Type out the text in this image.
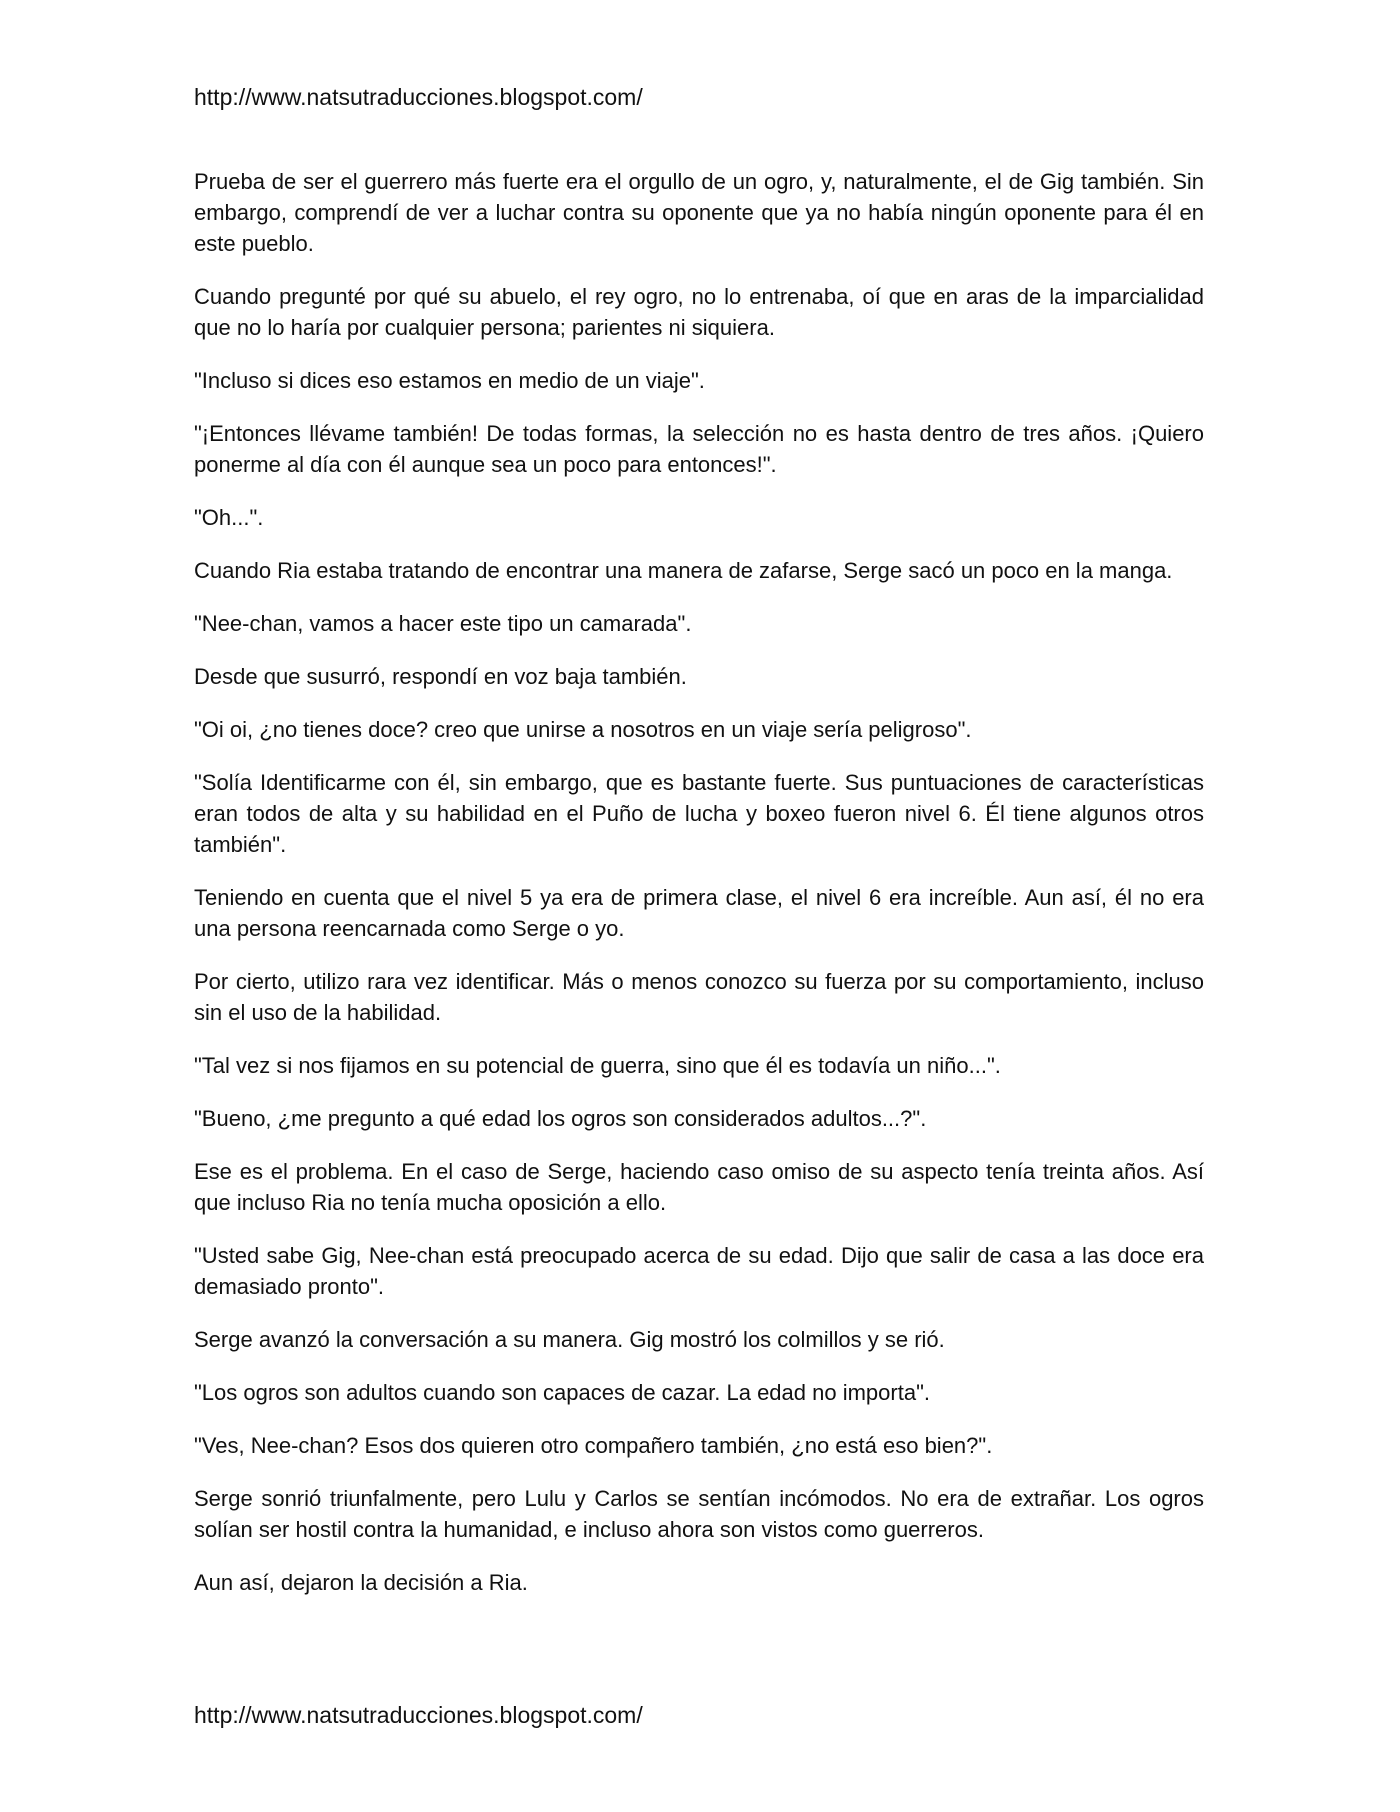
http://www.natsutraducciones.blogspot.com/

Prueba de ser el guerrero más fuerte era el orgullo de un ogro, y, naturalmente, el de Gig también. Sin embargo, comprendí de ver a luchar contra su oponente que ya no había ningún oponente para él en este pueblo.

Cuando pregunté por qué su abuelo, el rey ogro, no lo entrenaba, oí que en aras de la imparcialidad que no lo haría por cualquier persona; parientes ni siquiera.

"Incluso si dices eso estamos en medio de un viaje".

"¡Entonces llévame también! De todas formas, la selección no es hasta dentro de tres años. ¡Quiero ponerme al día con él aunque sea un poco para entonces!".

"Oh...".

Cuando Ria estaba tratando de encontrar una manera de zafarse, Serge sacó un poco en la manga.

"Nee-chan, vamos a hacer este tipo un camarada".

Desde que susurró, respondí en voz baja también.

"Oi oi, ¿no tienes doce? creo que unirse a nosotros en un viaje sería peligroso".

"Solía Identificarme con él, sin embargo, que es bastante fuerte. Sus puntuaciones de características eran todos de alta y su habilidad en el Puño de lucha y boxeo fueron nivel 6. Él tiene algunos otros también".

Teniendo en cuenta que el nivel 5 ya era de primera clase, el nivel 6 era increíble. Aun así, él no era una persona reencarnada como Serge o yo.

Por cierto, utilizo rara vez identificar. Más o menos conozco su fuerza por su comportamiento, incluso sin el uso de la habilidad.

"Tal vez si nos fijamos en su potencial de guerra, sino que él es todavía un niño...".

"Bueno, ¿me pregunto a qué edad los ogros son considerados adultos...?".

Ese es el problema. En el caso de Serge, haciendo caso omiso de su aspecto tenía treinta años. Así que incluso Ria no tenía mucha oposición a ello.

"Usted sabe Gig, Nee-chan está preocupado acerca de su edad. Dijo que salir de casa a las doce era demasiado pronto".

Serge avanzó la conversación a su manera. Gig mostró los colmillos y se rió.

"Los ogros son adultos cuando son capaces de cazar. La edad no importa".

"Ves, Nee-chan? Esos dos quieren otro compañero también, ¿no está eso bien?".

Serge sonrió triunfalmente, pero Lulu y Carlos se sentían incómodos. No era de extrañar. Los ogros solían ser hostil contra la humanidad, e incluso ahora son vistos como guerreros.

Aun así, dejaron la decisión a Ria.

http://www.natsutraducciones.blogspot.com/
